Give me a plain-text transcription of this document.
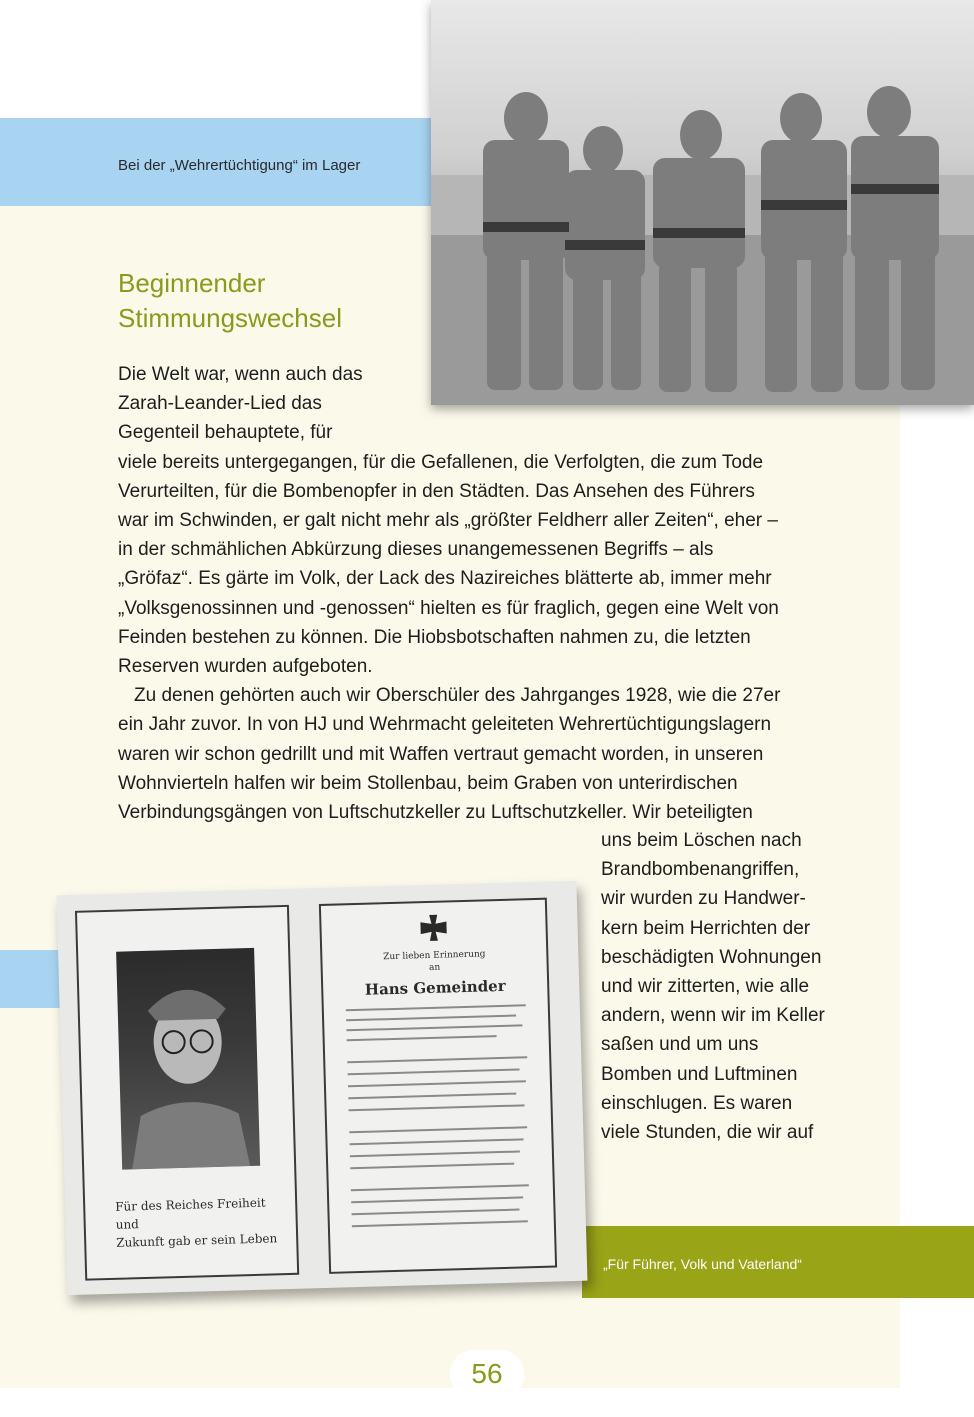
Bei der „Wehrertüchtigung“ im Lager

Beginnender
Stimmungswechsel
Die Welt war, wenn auch das
Zarah-Leander-Lied das
Gegenteil behauptete, für
viele bereits untergegangen, für die Gefallenen, die Verfolgten, die zum Tode
Verurteilten, für die Bombenopfer in den Städten. Das Ansehen des Führers
war im Schwinden, er galt nicht mehr als „größter Feldherr aller Zeiten“, eher –
in der schmählichen Abkürzung dieses unangemessenen Begriffs – als
„Gröfaz“. Es gärte im Volk, der Lack des Nazireiches blätterte ab, immer mehr
„Volksgenossinnen und -genossen“ hielten es für fraglich, gegen eine Welt von
Feinden bestehen zu können. Die Hiobsbotschaften nahmen zu, die letzten
Reserven wurden aufgeboten.
Zu denen gehörten auch wir Oberschüler des Jahrganges 1928, wie die 27er
ein Jahr zuvor. In von HJ und Wehrmacht geleiteten Wehrertüchtigungslagern
waren wir schon gedrillt und mit Waffen vertraut gemacht worden, in unseren
Wohnvierteln halfen wir beim Stollenbau, beim Graben von unterirdischen
Verbindungsgängen von Luftschutzkeller zu Luftschutzkeller. Wir beteiligten
uns beim Löschen nach
Brandbombenangriffen,
wir wurden zu Handwer-
kern beim Herrichten der
beschädigten Wohnungen
und wir zitterten, wie alle
andern, wenn wir im Keller
saßen und um uns
Bomben und Luftminen
einschlugen. Es waren
viele Stunden, die wir auf

Für des Reiches Freiheit und
Zukunft gab er sein Leben

Zur lieben Erinnerung

an

Hans Gemeinder

„Für Führer, Volk und Vaterland“

56
